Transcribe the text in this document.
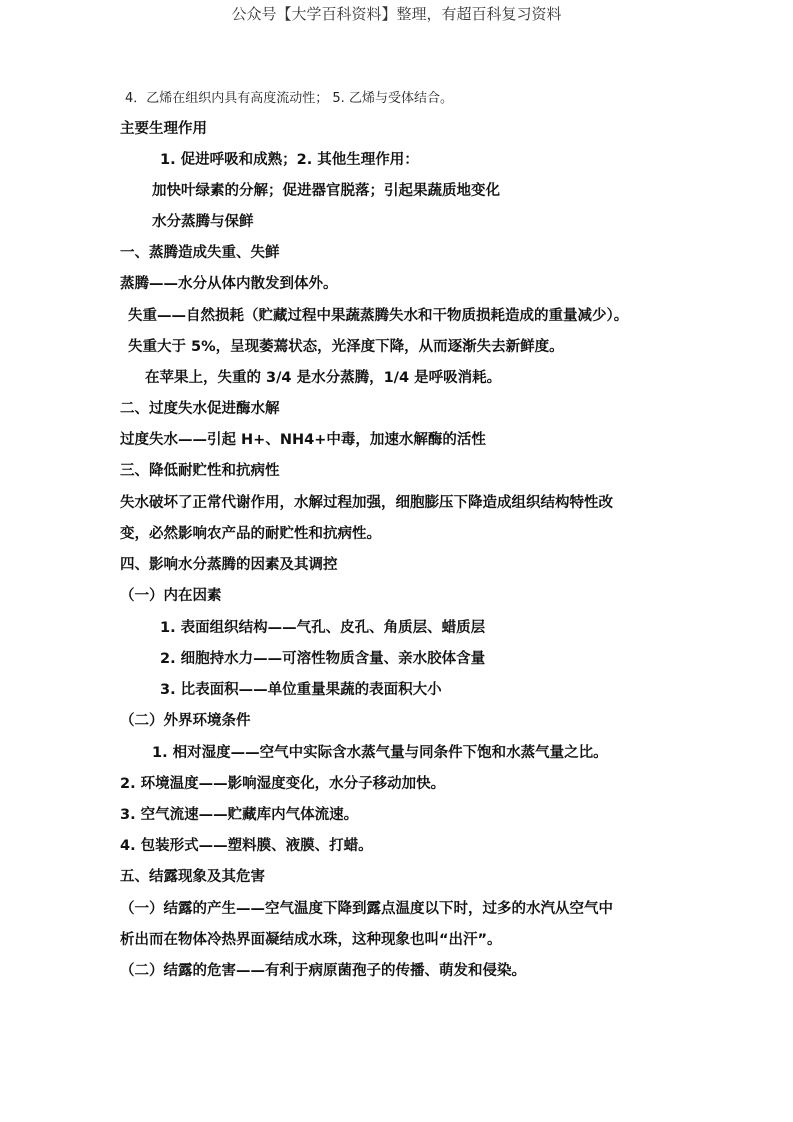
公众号【大学百科资料】整理，有超百科复习资料
4．乙烯在组织内具有高度流动性； 5. 乙烯与受体结合。
主要生理作用
1. 促进呼吸和成熟；2. 其他生理作用：
加快叶绿素的分解；促进器官脱落；引起果蔬质地变化
水分蒸腾与保鲜
一、蒸腾造成失重、失鲜
蒸腾——水分从体内散发到体外。
失重——自然损耗（贮藏过程中果蔬蒸腾失水和干物质损耗造成的重量减少）。
失重大于 5%，呈现萎蔫状态，光泽度下降，从而逐渐失去新鲜度。
在苹果上，失重的 3/4 是水分蒸腾，1/4 是呼吸消耗。
二、过度失水促进酶水解
过度失水——引起 H+、NH4+中毒，加速水解酶的活性
三、降低耐贮性和抗病性
失水破坏了正常代谢作用，水解过程加强，细胞膨压下降造成组织结构特性改
变，必然影响农产品的耐贮性和抗病性。
四、影响水分蒸腾的因素及其调控
（一）内在因素
1. 表面组织结构——气孔、皮孔、角质层、蜡质层
2. 细胞持水力——可溶性物质含量、亲水胶体含量
3. 比表面积——单位重量果蔬的表面积大小
（二）外界环境条件
1. 相对湿度——空气中实际含水蒸气量与同条件下饱和水蒸气量之比。
2. 环境温度——影响湿度变化，水分子移动加快。
3. 空气流速——贮藏库内气体流速。
4. 包装形式——塑料膜、液膜、打蜡。
五、结露现象及其危害
（一）结露的产生——空气温度下降到露点温度以下时，过多的水汽从空气中
析出而在物体冷热界面凝结成水珠，这种现象也叫“出汗”。
（二）结露的危害——有利于病原菌孢子的传播、萌发和侵染。
